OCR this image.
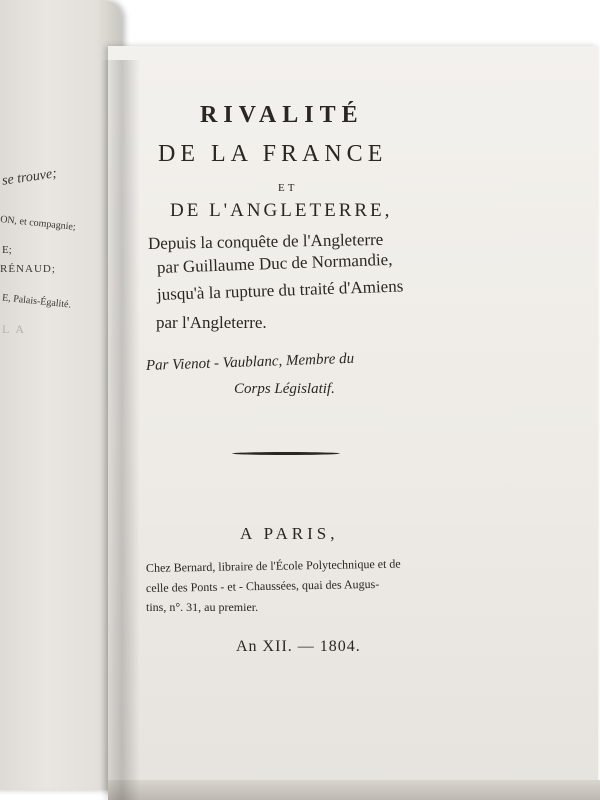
se trouve;
ON, et compagnie;
E;
RÉNAUD;
E, Palais-Égalité.
L A
RIVALITÉ
DE LA FRANCE
ET
DE L'ANGLETERRE,
Depuis la conquête de l'Angleterre
par Guillaume Duc de Normandie,
jusqu'à la rupture du traité d'Amiens
par l'Angleterre.
Par Vienot - Vaublanc, Membre du
Corps Législatif.
A PARIS,
Chez Bernard, libraire de l'École Polytechnique et de
celle des Ponts - et - Chaussées, quai des Augus-
tins, n°. 31, au premier.
An XII. — 1804.
